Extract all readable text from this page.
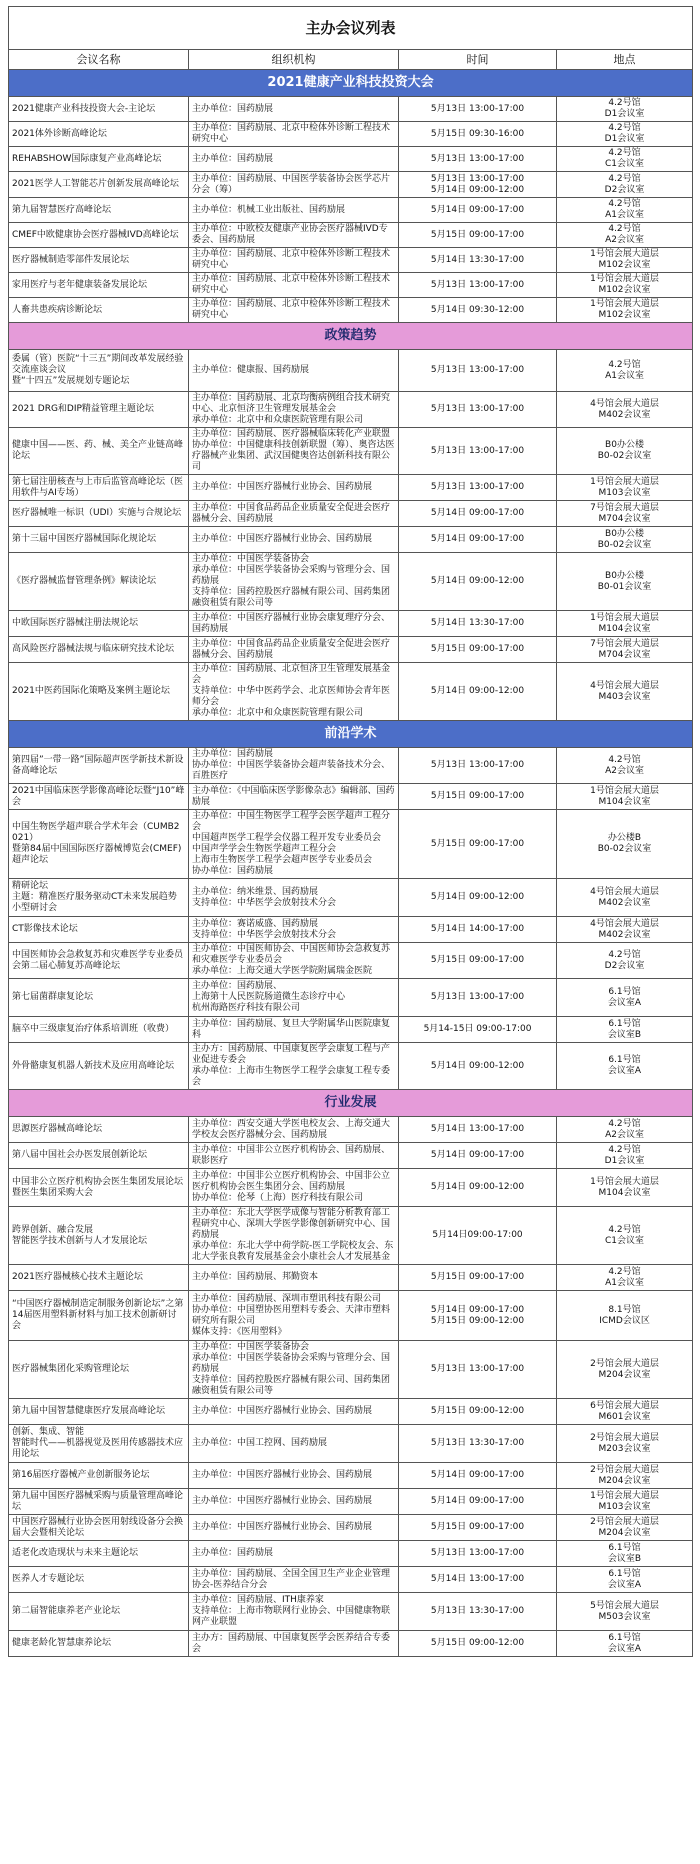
主办会议列表			
会议名称	组织机构	时间	地点
2021健康产业科技投资大会			
2021健康产业科技投资大会-主论坛	主办单位：国药励展	5月13日 13:00-17:00	4.2号馆
D1会议室
2021体外诊断高峰论坛	主办单位：国药励展、北京中检体外诊断工程技术研究中心	5月15日 09:30-16:00	4.2号馆
D1会议室
REHABSHOW国际康复产业高峰论坛	主办单位：国药励展	5月13日 13:00-17:00	4.2号馆
C1会议室
2021医学人工智能芯片创新发展高峰论坛	主办单位：国药励展、中国医学装备协会医学芯片分会（筹）	5月13日 13:00-17:00
5月14日 09:00-12:00	4.2号馆
D2会议室
第九届智慧医疗高峰论坛	主办单位：机械工业出版社、国药励展	5月14日 09:00-17:00	4.2号馆
A1会议室
CMEF中欧健康协会医疗器械IVD高峰论坛	主办单位：中欧校友健康产业协会医疗器械IVD专委会、国药励展	5月15日 09:00-17:00	4.2号馆
A2会议室
医疗器械制造零部件发展论坛	主办单位：国药励展、北京中检体外诊断工程技术研究中心	5月14日 13:30-17:00	1号馆会展大道层
M102会议室
家用医疗与老年健康装备发展论坛	主办单位：国药励展、北京中检体外诊断工程技术研究中心	5月13日 13:00-17:00	1号馆会展大道层
M102会议室
人畜共患疾病诊断论坛	主办单位：国药励展、北京中检体外诊断工程技术研究中心	5月14日 09:30-12:00	1号馆会展大道层
M102会议室
政策趋势			
委属（管）医院“十三五”期间改革发展经验交流座谈会议
暨“十四五”发展规划专题论坛	主办单位：健康报、国药励展	5月13日 13:00-17:00	4.2号馆
A1会议室
2021 DRG和DIP精益管理主题论坛	主办单位：国药励展、北京均衡病例组合技术研究中心、北京恒济卫生管理发展基金会
承办单位：北京中和众康医院管理有限公司	5月13日 13:00-17:00	4号馆会展大道层
M402会议室
健康中国——医、药、械、美全产业链高峰论坛	主办单位：国药励展、医疗器械临床转化产业联盟
协办单位：中国健康科技创新联盟（筹）、奥咨达医疗器械产业集团、武汉国健奥咨达创新科技有限公司	5月13日 13:00-17:00	B0办公楼
B0-02会议室
第七届注册核查与上市后监管高峰论坛（医用软件与AI专场）	主办单位：中国医疗器械行业协会、国药励展	5月13日 13:00-17:00	1号馆会展大道层
M103会议室
医疗器械唯一标识（UDI）实施与合规论坛	主办单位：中国食品药品企业质量安全促进会医疗器械分会、国药励展	5月14日 09:00-17:00	7号馆会展大道层
M704会议室
第十三届中国医疗器械国际化规论坛	主办单位：中国医疗器械行业协会、国药励展	5月14日 09:00-17:00	B0办公楼
B0-02会议室
《医疗器械监督管理条例》解读论坛	主办单位：中国医学装备协会
承办单位：中国医学装备协会采购与管理分会、国药励展
支持单位：国药控股医疗器械有限公司、国药集团融资租赁有限公司等	5月14日 09:00-12:00	B0办公楼
B0-01会议室
中欧国际医疗器械注册法规论坛	主办单位：中国医疗器械行业协会康复理疗分会、国药励展	5月14日 13:30-17:00	1号馆会展大道层
M104会议室
高风险医疗器械法规与临床研究技术论坛	主办单位：中国食品药品企业质量安全促进会医疗器械分会、国药励展	5月15日 09:00-17:00	7号馆会展大道层
M704会议室
2021中医药国际化策略及案例主题论坛	主办单位：国药励展、北京恒济卫生管理发展基金会
支持单位：中华中医药学会、北京医师协会青年医师分会
承办单位：北京中和众康医院管理有限公司	5月14日 09:00-12:00	4号馆会展大道层
M403会议室
前沿学术			
第四届”一带一路”国际超声医学新技术新设备高峰论坛	主办单位：国药励展
协办单位：中国医学装备协会超声装备技术分会、百胜医疗	5月13日 13:00-17:00	4.2号馆
A2会议室
2021中国临床医学影像高峰论坛暨“J10”峰会	主办单位：《中国临床医学影像杂志》编辑部、国药励展	5月15日 09:00-17:00	1号馆会展大道层
M104会议室
中国生物医学超声联合学术年会（CUMB2021）
暨第84届中国国际医疗器械博览会(CMEF)超声论坛	主办单位：中国生物医学工程学会医学超声工程分会
中国超声医学工程学会仪器工程开发专业委员会
中国声学学会生物医学超声工程分会
上海市生物医学工程学会超声医学专业委员会
协办单位：国药励展	5月15日 09:00-17:00	办公楼B
B0-02会议室
精研论坛
主题：精准医疗服务驱动CT未来发展趋势小型研讨会	主办单位：纳米维景、国药励展
支持单位：中华医学会放射技术分会	5月14日 09:00-12:00	4号馆会展大道层
M402会议室
CT影像技术论坛	主办单位：赛诺威盛、国药励展
支持单位：中华医学会放射技术分会	5月14日 14:00-17:00	4号馆会展大道层
M402会议室
中国医师协会急救复苏和灾难医学专业委员会第二届心肺复苏高峰论坛	主办单位：中国医师协会、中国医师协会急救复苏和灾难医学专业委员会
承办单位：上海交通大学医学院附属瑞金医院	5月15日 09:00-17:00	4.2号馆
D2会议室
第七届菌群康复论坛	主办单位：国药励展、
上海第十人民医院肠道微生态诊疗中心
杭州海路医疗科技有限公司	5月13日 13:00-17:00	6.1号馆
会议室A
脑卒中三级康复治疗体系培训班（收费）	主办单位：国药励展、复旦大学附属华山医院康复科	5月14-15日 09:00-17:00	6.1号馆
会议室B
外骨骼康复机器人新技术及应用高峰论坛	主办方：国药励展、中国康复医学会康复工程与产业促进专委会
承办单位：上海市生物医学工程学会康复工程专委会	5月14日 09:00-12:00	6.1号馆
会议室A
行业发展			
思源医疗器械高峰论坛	主办单位：西安交通大学医电校友会、上海交通大学校友会医疗器械分会、国药励展	5月14日 13:00-17:00	4.2号馆
A2会议室
第八届中国社会办医发展创新论坛	主办单位：中国非公立医疗机构协会、国药励展、联影医疗	5月14日 09:00-17:00	4.2号馆
D1会议室
中国非公立医疗机构协会医生集团发展论坛暨医生集团采购大会	主办单位：中国非公立医疗机构协会、中国非公立医疗机构协会医生集团分会、国药励展
协办单位：伦琴（上海）医疗科技有限公司	5月14日 09:00-12:00	1号馆会展大道层
M104会议室
跨界创新、融合发展
智能医学技术创新与人才发展论坛	主办单位：东北大学医学成像与智能分析教育部工程研究中心、深圳大学医学影像创新研究中心、国药励展
承办单位：东北大学中荷学院-医工学院校友会、东北大学张良教育发展基金会小康社会人才发展基金	5月14日09:00-17:00	4.2号馆
C1会议室
2021医疗器械核心技术主题论坛	主办单位：国药励展、邦勤资本	5月15日 09:00-17:00	4.2号馆
A1会议室
“中国医疗器械制造定制服务创新论坛”之第14届医用塑料新材料与加工技术创新研讨会	主办单位：国药励展、深圳市塑讯科技有限公司
协办单位：中国塑协医用塑料专委会、天津市塑料研究所有限公司
媒体支持：《医用塑料》	5月14日 09:00-17:00
5月15日 09:00-12:00	8.1号馆
ICMD会议区
医疗器械集团化采购管理论坛	主办单位：中国医学装备协会
承办单位：中国医学装备协会采购与管理分会、国药励展
支持单位：国药控股医疗器械有限公司、国药集团融资租赁有限公司等	5月13日 13:00-17:00	2号馆会展大道层
M204会议室
第九届中国智慧健康医疗发展高峰论坛	主办单位：中国医疗器械行业协会、国药励展	5月15日 09:00-12:00	6号馆会展大道层
M601会议室
创新、集成、智能
智能时代——机器视觉及医用传感器技术应用论坛	主办单位：中国工控网、国药励展	5月13日 13:30-17:00	2号馆会展大道层
M203会议室
第16届医疗器械产业创新服务论坛	主办单位：中国医疗器械行业协会、国药励展	5月14日 09:00-17:00	2号馆会展大道层
M204会议室
第九届中国医疗器械采购与质量管理高峰论坛	主办单位：中国医疗器械行业协会、国药励展	5月14日 09:00-17:00	1号馆会展大道层
M103会议室
中国医疗器械行业协会医用射线设备分会换届大会暨相关论坛	主办单位：中国医疗器械行业协会、国药励展	5月15日 09:00-17:00	2号馆会展大道层
M204会议室
适老化改造现状与未来主题论坛	主办单位：国药励展	5月13日 13:00-17:00	6.1号馆
会议室B
医养人才专题论坛	主办单位：国药励展、全国全国卫生产业企业管理协会-医养结合分会	5月14日 13:00-17:00	6.1号馆
会议室A
第二届智能康养老产业论坛	主办单位：国药励展、ITH康养家
支持单位：上海市物联网行业协会、中国健康物联网产业联盟	5月13日 13:30-17:00	5号馆会展大道层
M503会议室
健康老龄化智慧康养论坛	主办方：国药励展、中国康复医学会医养结合专委会	5月15日 09:00-12:00	6.1号馆
会议室A
